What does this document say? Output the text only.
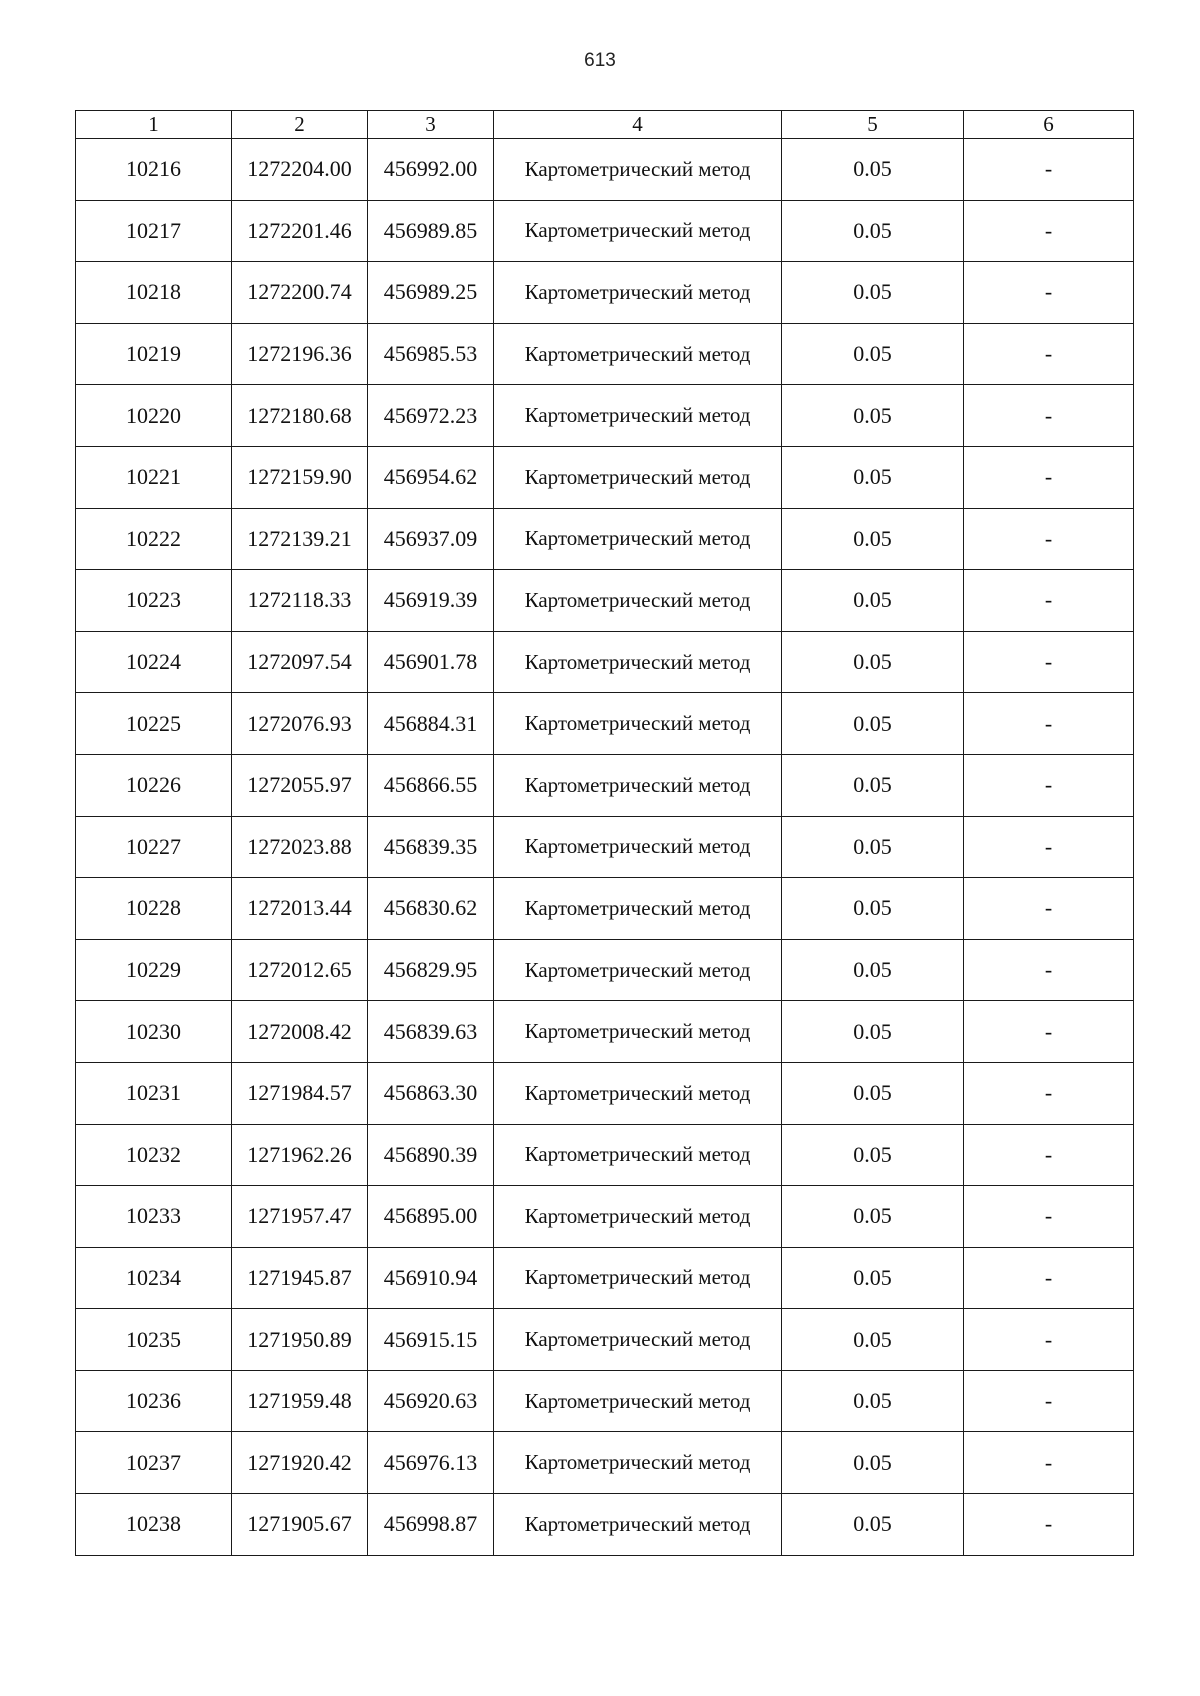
613
1	2	3	4	5	6
10216	1272204.00	456992.00	Картометрический метод	0.05	-
10217	1272201.46	456989.85	Картометрический метод	0.05	-
10218	1272200.74	456989.25	Картометрический метод	0.05	-
10219	1272196.36	456985.53	Картометрический метод	0.05	-
10220	1272180.68	456972.23	Картометрический метод	0.05	-
10221	1272159.90	456954.62	Картометрический метод	0.05	-
10222	1272139.21	456937.09	Картометрический метод	0.05	-
10223	1272118.33	456919.39	Картометрический метод	0.05	-
10224	1272097.54	456901.78	Картометрический метод	0.05	-
10225	1272076.93	456884.31	Картометрический метод	0.05	-
10226	1272055.97	456866.55	Картометрический метод	0.05	-
10227	1272023.88	456839.35	Картометрический метод	0.05	-
10228	1272013.44	456830.62	Картометрический метод	0.05	-
10229	1272012.65	456829.95	Картометрический метод	0.05	-
10230	1272008.42	456839.63	Картометрический метод	0.05	-
10231	1271984.57	456863.30	Картометрический метод	0.05	-
10232	1271962.26	456890.39	Картометрический метод	0.05	-
10233	1271957.47	456895.00	Картометрический метод	0.05	-
10234	1271945.87	456910.94	Картометрический метод	0.05	-
10235	1271950.89	456915.15	Картометрический метод	0.05	-
10236	1271959.48	456920.63	Картометрический метод	0.05	-
10237	1271920.42	456976.13	Картометрический метод	0.05	-
10238	1271905.67	456998.87	Картометрический метод	0.05	-
